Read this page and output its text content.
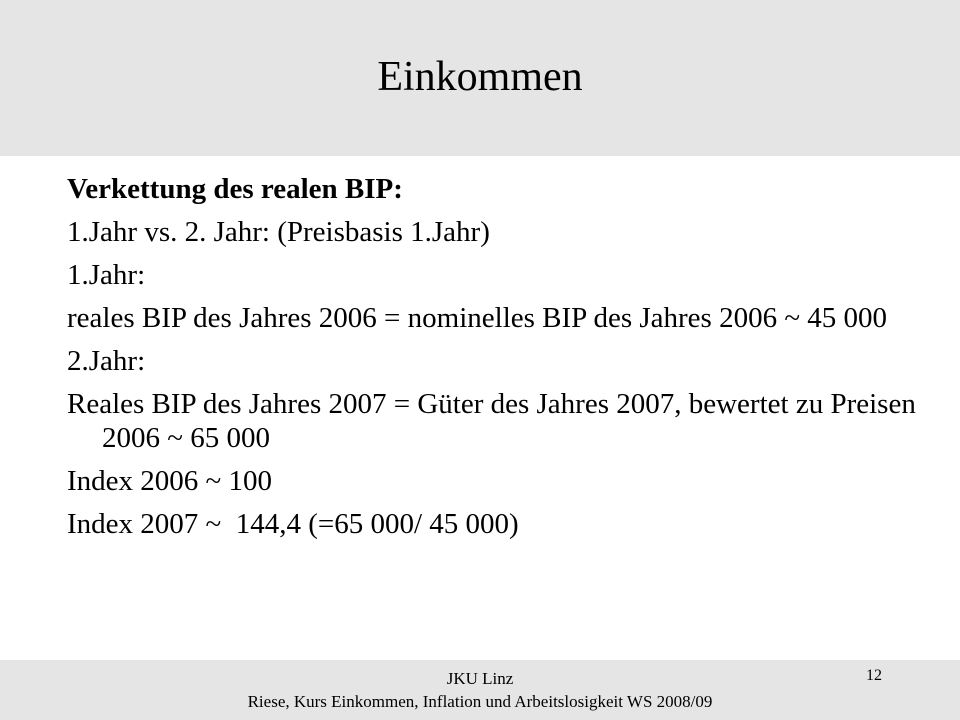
Einkommen

Verkettung des realen BIP:

1.Jahr vs. 2. Jahr: (Preisbasis 1.Jahr)

1.Jahr:

reales BIP des Jahres 2006 = nominelles BIP des Jahres 2006 ~ 45 000

2.Jahr:

Reales BIP des Jahres 2007 = Güter des Jahres 2007, bewertet zu Preisen 2006 ~ 65 000

Index 2006 ~ 100

Index 2007 ~  144,4 (=65 000/ 45 000)

JKU Linz
Riese, Kurs Einkommen, Inflation und Arbeitslosigkeit WS 2008/09
12
